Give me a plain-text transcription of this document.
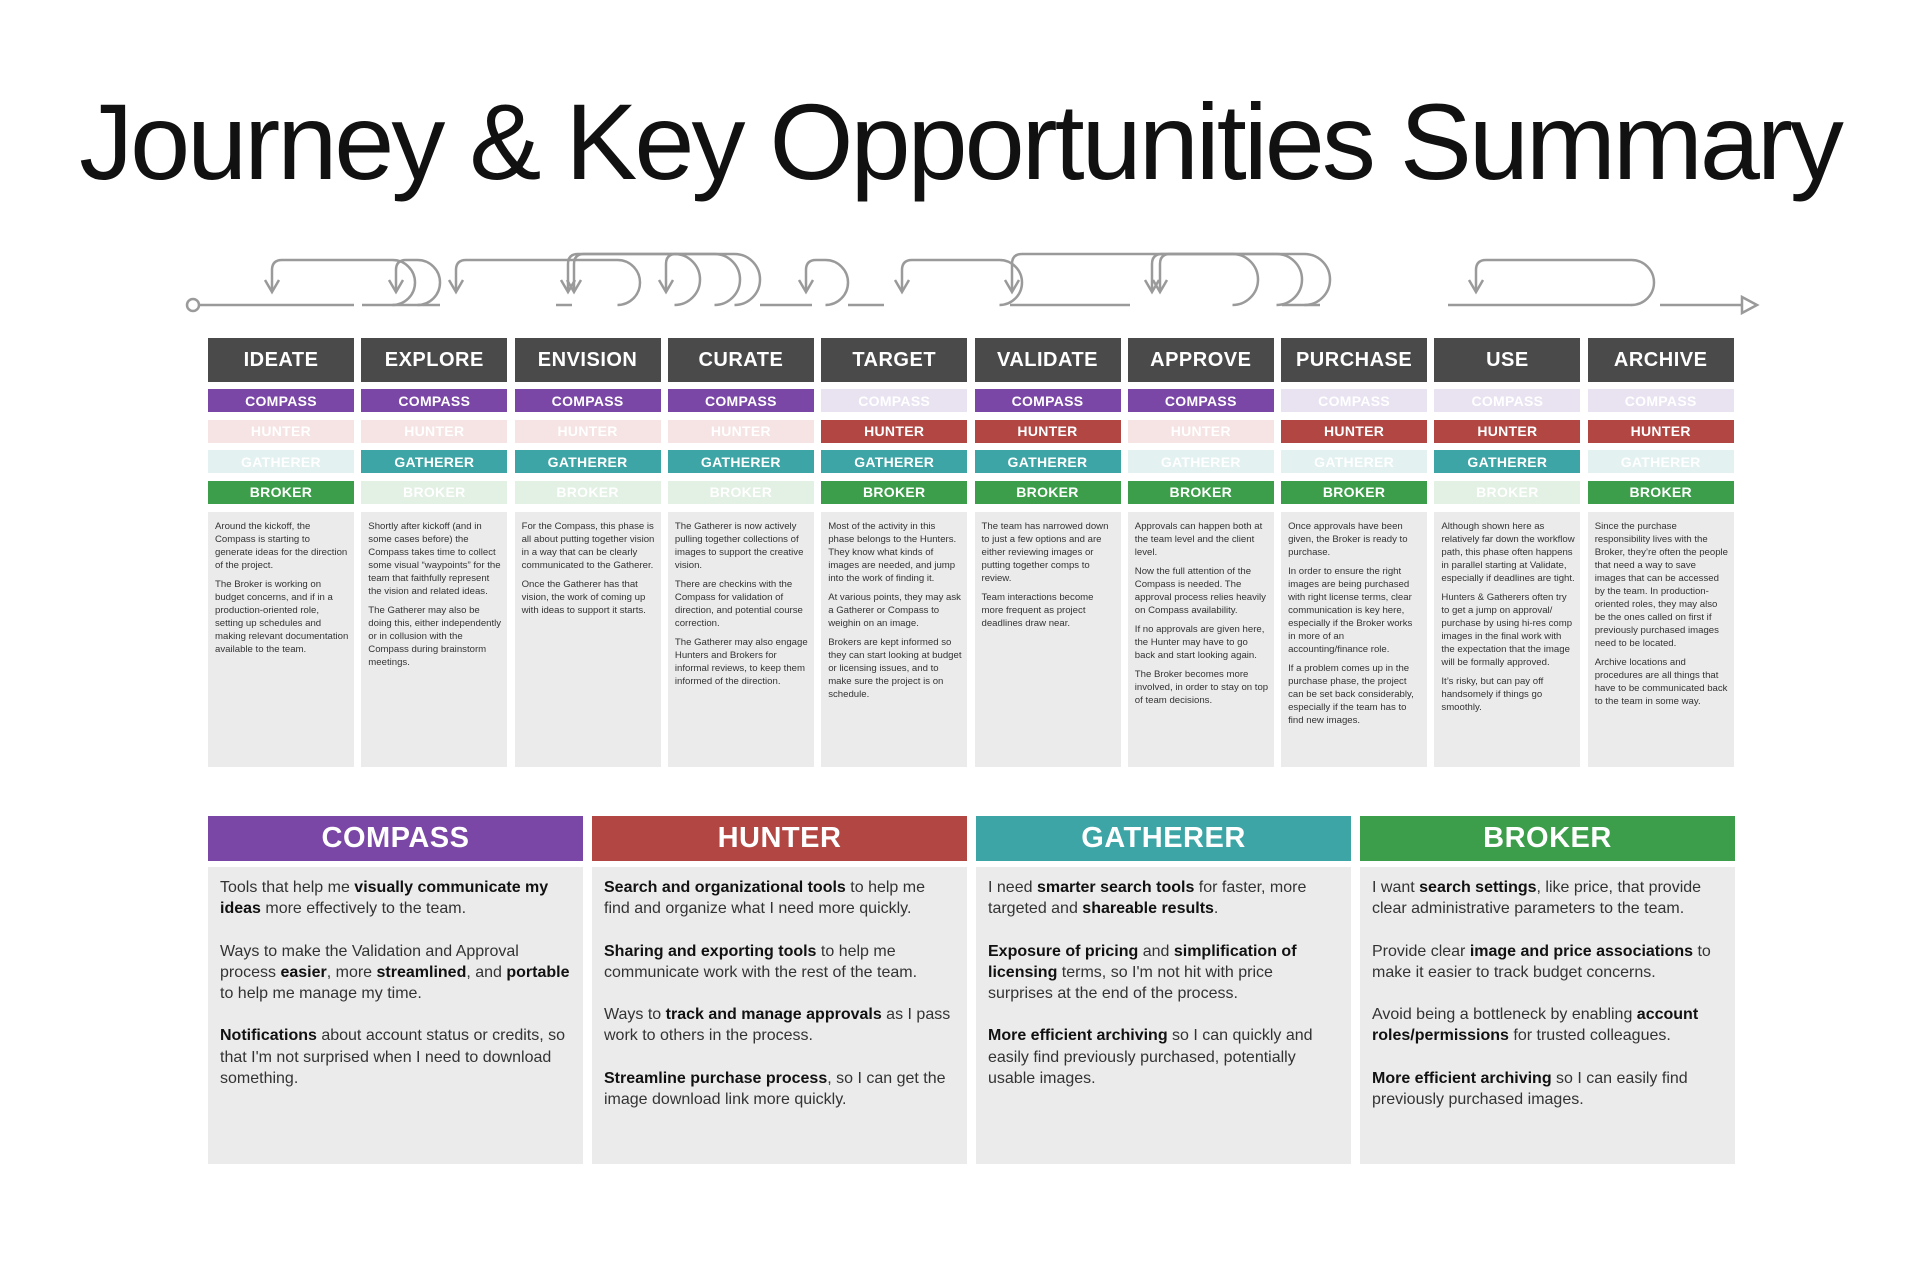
Journey & Key Opportunities Summary
IDEATE
COMPASS
HUNTER
GATHERER
BROKER

Around the kickoff, the Compass is starting to generate ideas for the direction of the project.

The Broker is working on budget concerns, and if in a production-oriented role, setting up schedules and making relevant documentation available to the team.

EXPLORE
COMPASS
HUNTER
GATHERER
BROKER

Shortly after kickoff (and in some cases before) the Compass takes time to collect some visual “waypoints” for the team that faithfully represent the vision and related ideas.

The Gatherer may also be doing this, either independently or in collusion with the Compass during brainstorm meetings.

ENVISION
COMPASS
HUNTER
GATHERER
BROKER

For the Compass, this phase is all about putting together vision in a way that can be clearly communicated to the Gatherer.

Once the Gatherer has that vision, the work of coming up with ideas to support it starts.

CURATE
COMPASS
HUNTER
GATHERER
BROKER

The Gatherer is now actively pulling together collections of images to support the creative vision.

There are checkins with the Compass for validation of direction, and potential course correction.

The Gatherer may also engage Hunters and Brokers for informal reviews, to keep them informed of the direction.

TARGET
COMPASS
HUNTER
GATHERER
BROKER

Most of the activity in this phase belongs to the Hunters. They know what kinds of images are needed, and jump into the work of finding it.

At various points, they may ask a Gatherer or Compass to weighin on an image.

Brokers are kept informed so they can start looking at budget or licensing issues, and to make sure the project is on schedule.

VALIDATE
COMPASS
HUNTER
GATHERER
BROKER

The team has narrowed down to just a few options and are either reviewing images or putting together comps to review.

Team interactions become more frequent as project deadlines draw near.

APPROVE
COMPASS
HUNTER
GATHERER
BROKER

Approvals can happen both at the team level and the client level.

Now the full attention of the Compass is needed. The approval process relies heavily on Compass availability.

If no approvals are given here, the Hunter may have to go back and start looking again.

The Broker becomes more involved, in order to stay on top of team decisions.

PURCHASE
COMPASS
HUNTER
GATHERER
BROKER

Once approvals have been given, the Broker is ready to purchase.

In order to ensure the right images are being purchased with right license terms, clear communication is key here, especially if the Broker works in more of an accounting/finance role.

If a problem comes up in the purchase phase, the project can be set back considerably, especially if the team has to find new images.

USE
COMPASS
HUNTER
GATHERER
BROKER

Although shown here as relatively far down the workflow path, this phase often happens in parallel starting at Validate, especially if deadlines are tight.

Hunters & Gatherers often try to get a jump on approval/ purchase by using hi-res comp images in the final work with the expectation that the image will be formally approved.

It’s risky, but can pay off handsomely if things go smoothly.

ARCHIVE
COMPASS
HUNTER
GATHERER
BROKER

Since the purchase responsibility lives with the Broker, they’re often the people that need a way to save images that can be accessed by the team. In production-oriented roles, they may also be the ones called on first if previously purchased images need to be located.

Archive locations and procedures are all things that have to be communicated back to the team in some way.

COMPASS

Tools that help me visually communicate my ideas more effectively to the team.

Ways to make the Validation and Approval process easier, more streamlined, and portable to help me manage my time.

Notifications about account status or credits, so that I'm not surprised when I need to download something.

HUNTER

Search and organizational tools to help me find and organize what I need more quickly.

Sharing and exporting tools to help me communicate work with the rest of the team.

Ways to track and manage approvals as I pass work to others in the process.

Streamline purchase process, so I can get the image download link more quickly.

GATHERER

I need smarter search tools for faster, more targeted and shareable results.

Exposure of pricing and simplification of licensing terms, so I'm not hit with price surprises at the end of the process.

More efficient archiving so I can quickly and easily find previously purchased, potentially usable images.

BROKER

I want search settings, like price, that provide clear administrative parameters to the team.

Provide clear image and price associations to make it easier to track budget concerns.

Avoid being a bottleneck by enabling account roles/permissions for trusted colleagues.

More efficient archiving so I can easily find previously purchased images.
